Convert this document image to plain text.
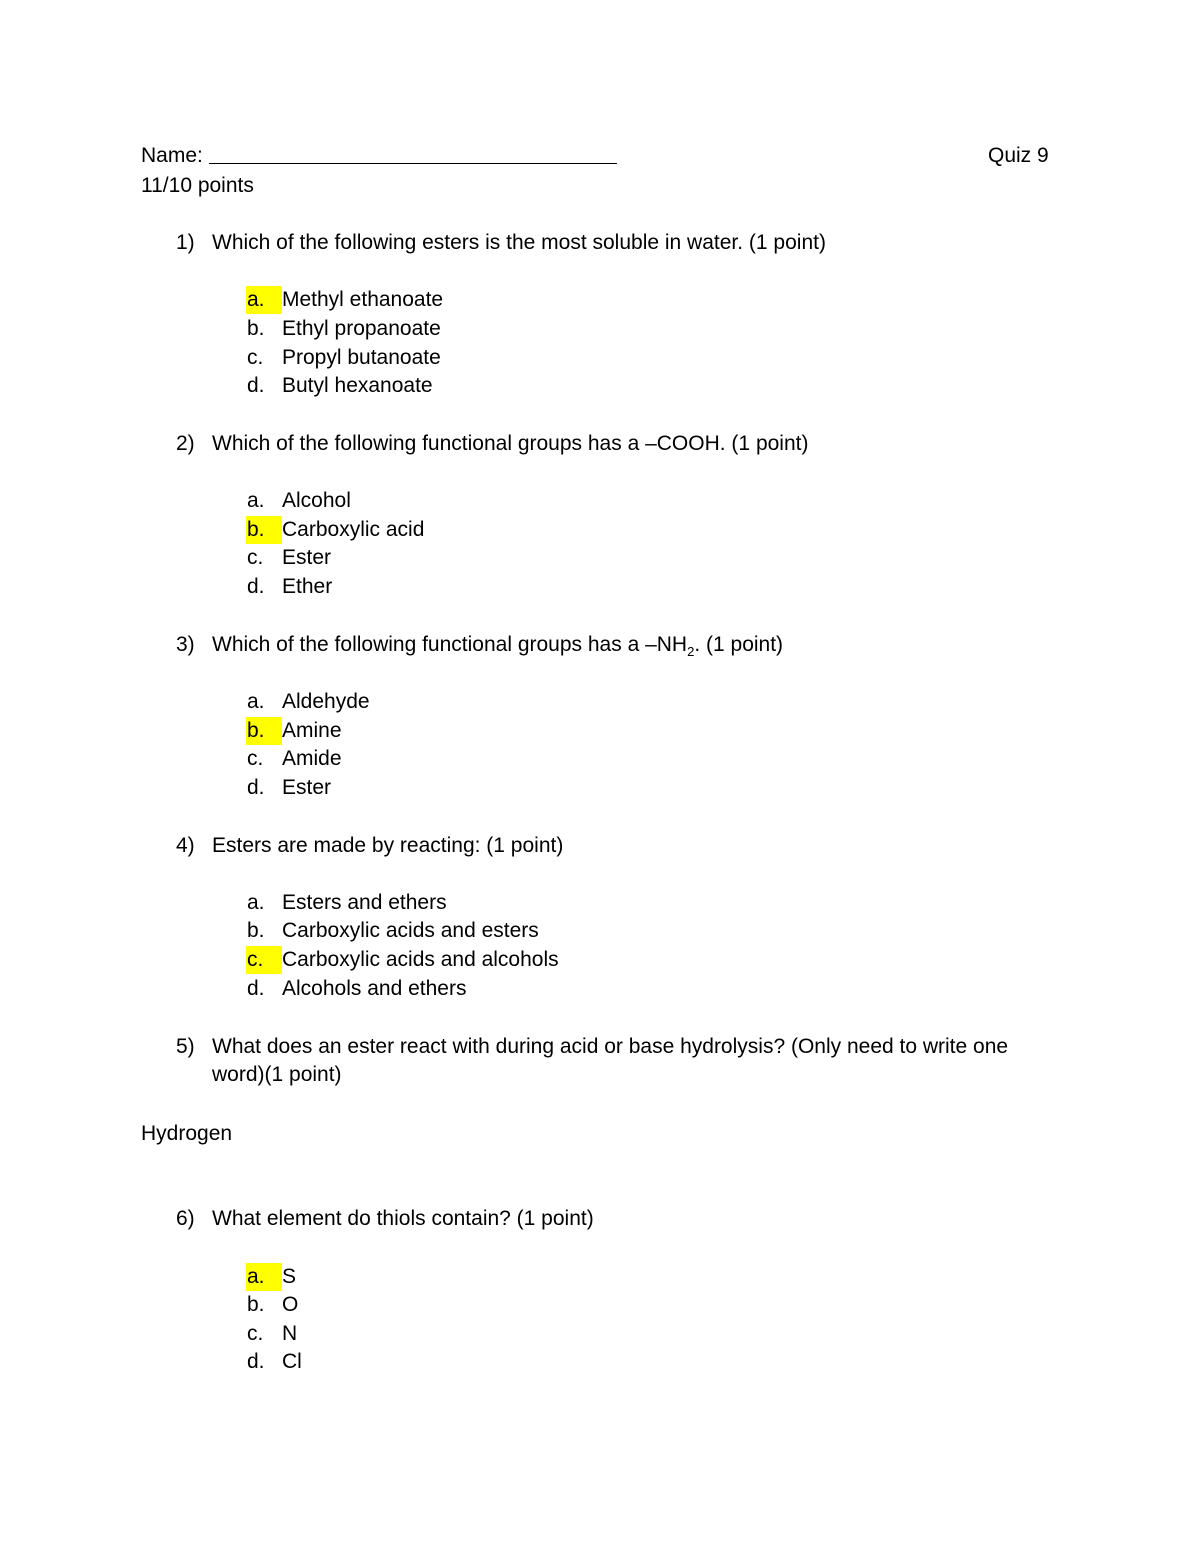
Name:	Quiz 9
11/10 points
1) Which of the following esters is the most soluble in water. (1 point)
a. Methyl ethanoate
b. Ethyl propanoate
c. Propyl butanoate
d. Butyl hexanoate
2) Which of the following functional groups has a –COOH. (1 point)
a. Alcohol
b. Carboxylic acid
c. Ester
d. Ether
3) Which of the following functional groups has a $-NH_2$. (1 point)
a. Aldehyde
b. Amine
c. Amide
d. Ester
4) Esters are made by reacting: (1 point)
a. Esters and ethers
b. Carboxylic acids and esters
c. Carboxylic acids and alcohols
d. Alcohols and ethers
5) What does an ester react with during acid or base hydrolysis? (Only need to write one word)(1 point)
Hydrogen
6) What element do thiols contain? (1 point)
a. S
b. O
c. N
d. Cl
